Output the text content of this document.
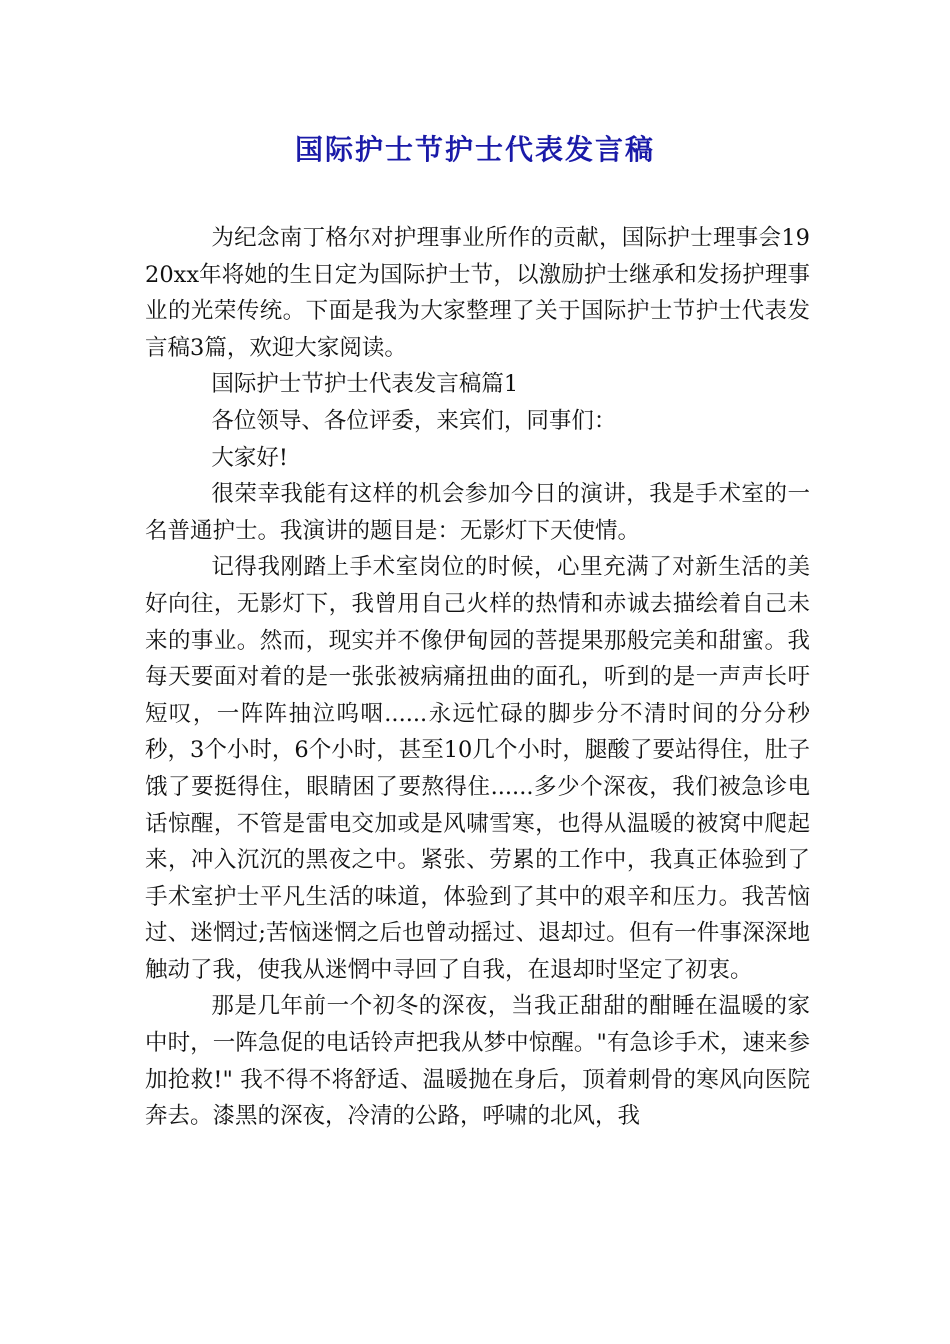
国际护士节护士代表发言稿

为纪念南丁格尔对护理事业所作的贡献，国际护士理事会1920xx年将她的生日定为国际护士节，以激励护士继承和发扬护理事业的光荣传统。下面是我为大家整理了关于国际护士节护士代表发言稿3篇，欢迎大家阅读。

国际护士节护士代表发言稿篇1

各位领导、各位评委，来宾们，同事们：

大家好!

很荣幸我能有这样的机会参加今日的演讲，我是手术室的一名普通护士。我演讲的题目是：无影灯下天使情。

记得我刚踏上手术室岗位的时候，心里充满了对新生活的美好向往，无影灯下，我曾用自己火样的热情和赤诚去描绘着自己未来的事业。然而，现实并不像伊甸园的菩提果那般完美和甜蜜。我每天要面对着的是一张张被病痛扭曲的面孔，听到的是一声声长吁短叹，一阵阵抽泣呜咽......永远忙碌的脚步分不清时间的分分秒秒，3个小时，6个小时，甚至10几个小时，腿酸了要站得住，肚子饿了要挺得住，眼睛困了要熬得住......多少个深夜，我们被急诊电话惊醒，不管是雷电交加或是风啸雪寒，也得从温暖的被窝中爬起来，冲入沉沉的黑夜之中。紧张、劳累的工作中，我真正体验到了手术室护士平凡生活的味道，体验到了其中的艰辛和压力。我苦恼过、迷惘过;苦恼迷惘之后也曾动摇过、退却过。但有一件事深深地触动了我，使我从迷惘中寻回了自我，在退却时坚定了初衷。

那是几年前一个初冬的深夜，当我正甜甜的酣睡在温暖的家中时，一阵急促的电话铃声把我从梦中惊醒。"有急诊手术，速来参加抢救!" 我不得不将舒适、温暖抛在身后，顶着刺骨的寒风向医院奔去。漆黑的深夜，冷清的公路，呼啸的北风，我
